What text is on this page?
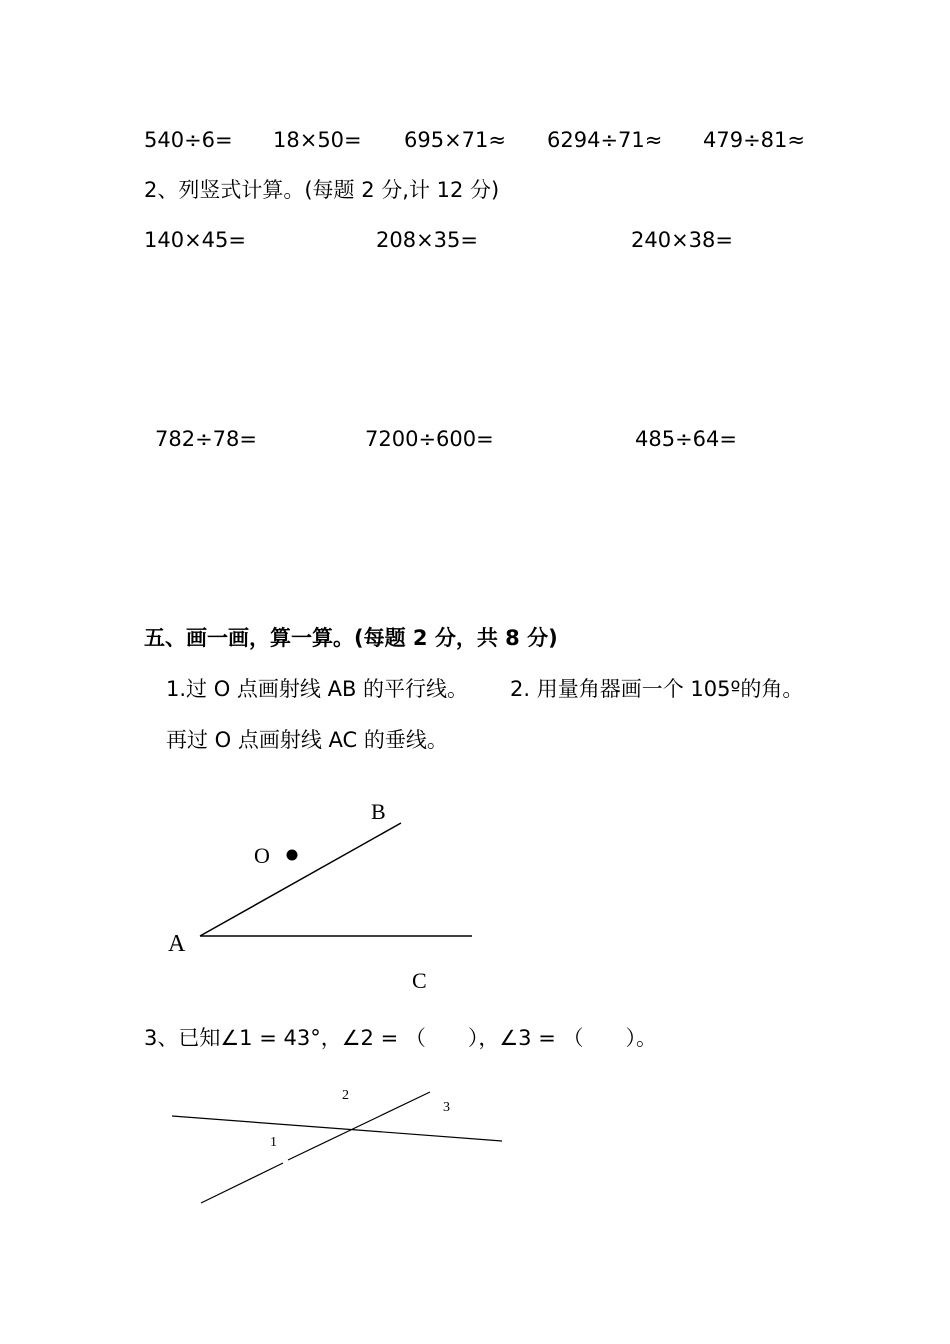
540÷6= 18×50= 695×71≈ 6294÷71≈ 479÷81≈
2、列竖式计算。(每题 2 分,计 12 分)
140×45=	208×35=	240×38=
782÷78=	7200÷600=	485÷64=
五、画一画，算一算。(每题 2 分，共 8 分)
1.过 O 点画射线 AB 的平行线。 2. 用量角器画一个 105º的角。
再过 O 点画射线 AC 的垂线。
A
B
C
O
3、已知∠1 = 43°，∠2 = （　　），∠3 = （　　）。
1
2
3
